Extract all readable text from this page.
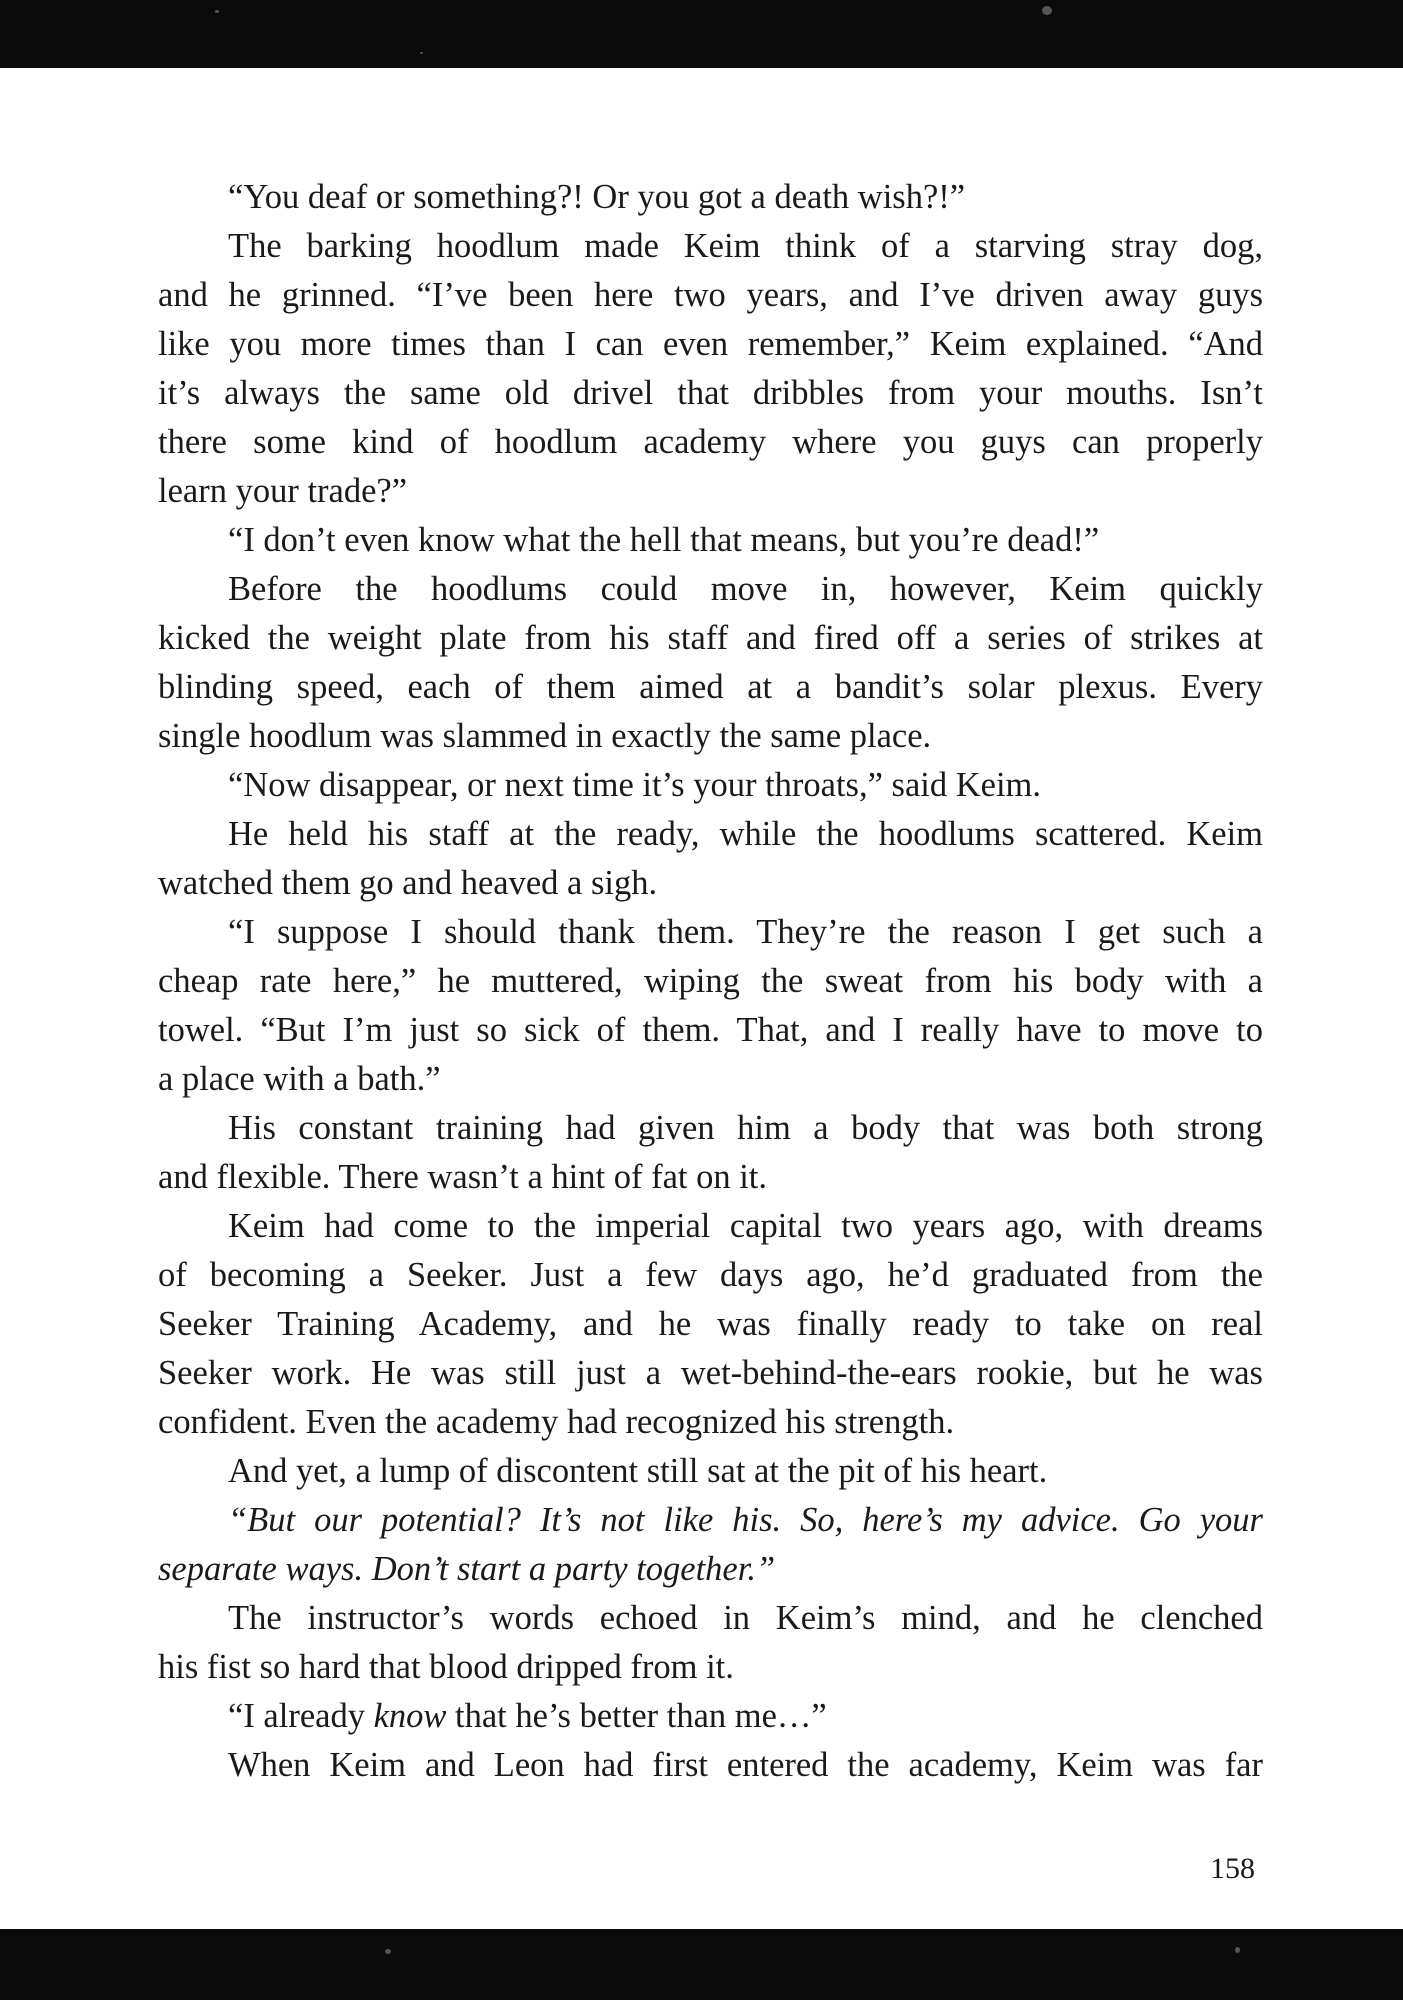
“You deaf or something?! Or you got a death wish?!”
The barking hoodlum made Keim think of a starving stray dog,
and he grinned. “I’ve been here two years, and I’ve driven away guys
like you more times than I can even remember,” Keim explained. “And
it’s always the same old drivel that dribbles from your mouths. Isn’t
there some kind of hoodlum academy where you guys can properly
learn your trade?”
“I don’t even know what the hell that means, but you’re dead!”
Before the hoodlums could move in, however, Keim quickly
kicked the weight plate from his staff and fired off a series of strikes at
blinding speed, each of them aimed at a bandit’s solar plexus. Every
single hoodlum was slammed in exactly the same place.
“Now disappear, or next time it’s your throats,” said Keim.
He held his staff at the ready, while the hoodlums scattered. Keim
watched them go and heaved a sigh.
“I suppose I should thank them. They’re the reason I get such a
cheap rate here,” he muttered, wiping the sweat from his body with a
towel. “But I’m just so sick of them. That, and I really have to move to
a place with a bath.”
His constant training had given him a body that was both strong
and flexible. There wasn’t a hint of fat on it.
Keim had come to the imperial capital two years ago, with dreams
of becoming a Seeker. Just a few days ago, he’d graduated from the
Seeker Training Academy, and he was finally ready to take on real
Seeker work. He was still just a wet-behind-the-ears rookie, but he was
confident. Even the academy had recognized his strength.
And yet, a lump of discontent still sat at the pit of his heart.
“But our potential? It’s not like his. So, here’s my advice. Go your
separate ways. Don’t start a party together.”
The instructor’s words echoed in Keim’s mind, and he clenched
his fist so hard that blood dripped from it.
“I already know that he’s better than me…”
When Keim and Leon had first entered the academy, Keim was far
158
